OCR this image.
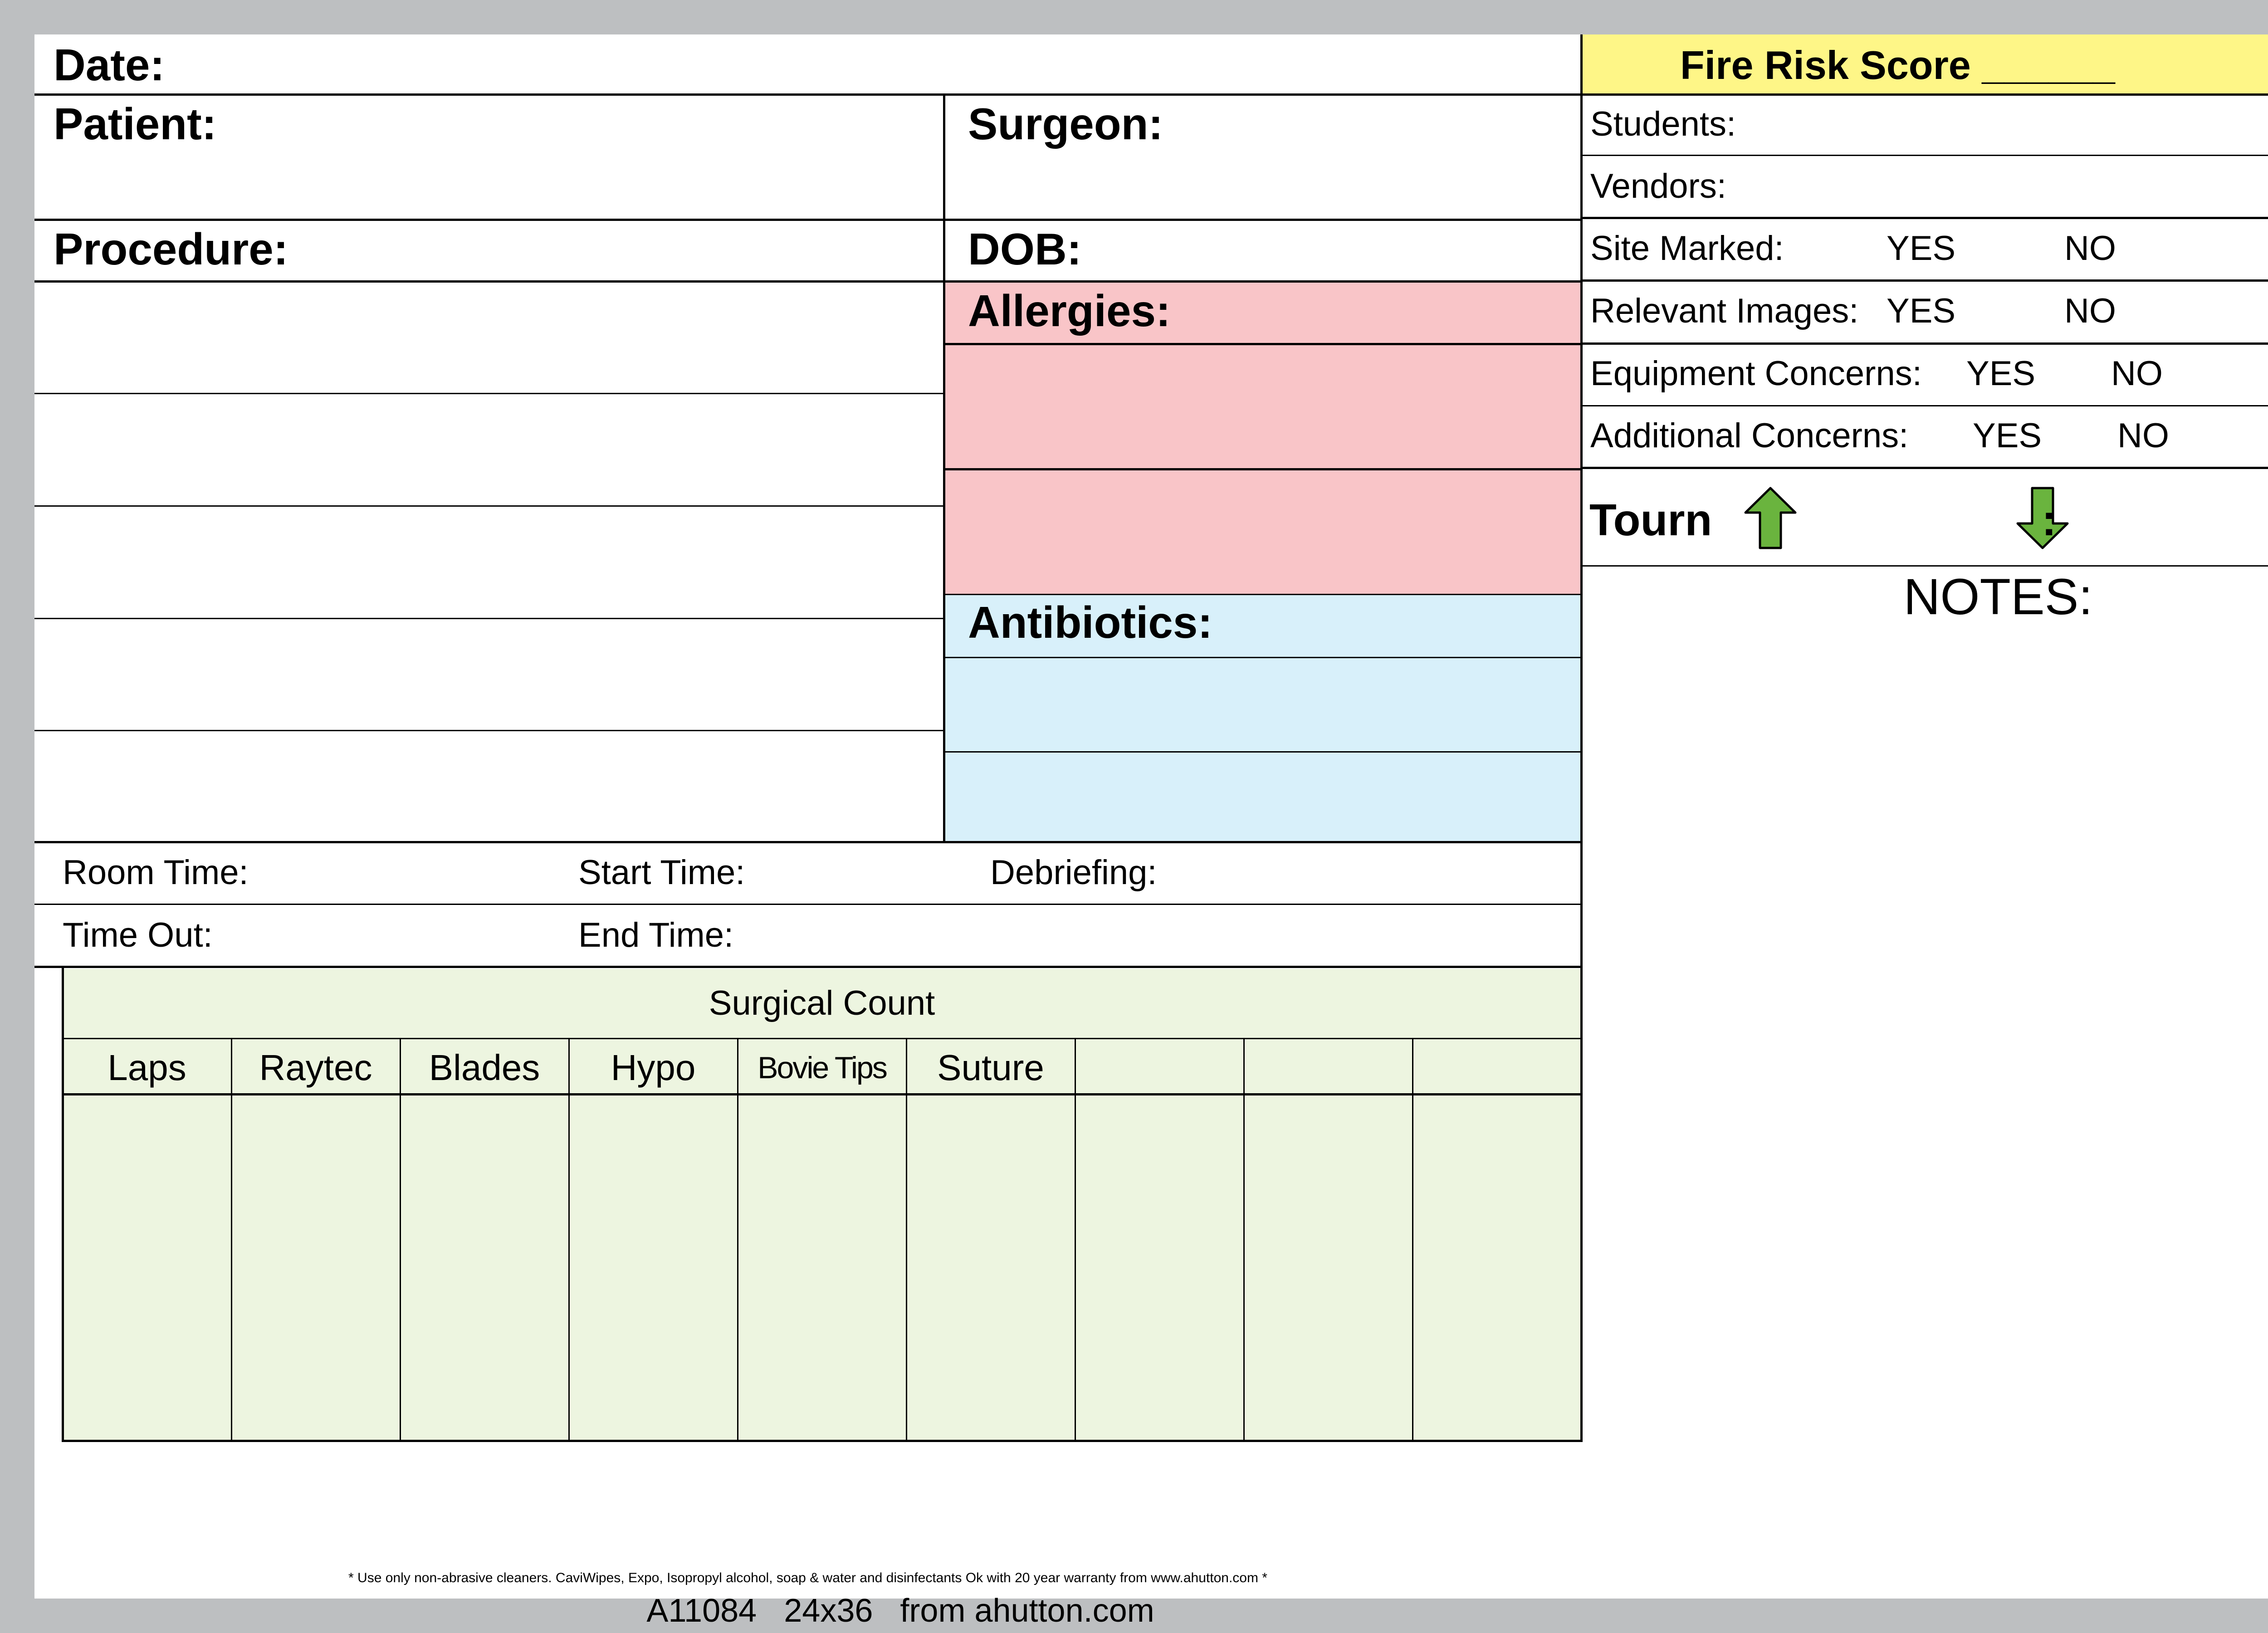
Date:
Patient:	Surgeon:
Procedure:	DOB:
Allergies:
Antibiotics:
Fire Risk Score ______
Students:
Vendors:
Site Marked:	YES	NO
Relevant Images: YES	NO
Equipment Concerns: YES NO
Additional Concerns: YES NO
Tourn	:
NOTES:
Room Time:	Start Time:	Debriefing:
Time Out:	End Time:
Surgical Count
Laps	Raytec	Blades	Hypo	Bovie Tips	Suture
* Use only non-abrasive cleaners. CaviWipes, Expo, Isopropyl alcohol, soap & water and disinfectants Ok with 20 year warranty from www.ahutton.com *
A11084   24x36   from ahutton.com
